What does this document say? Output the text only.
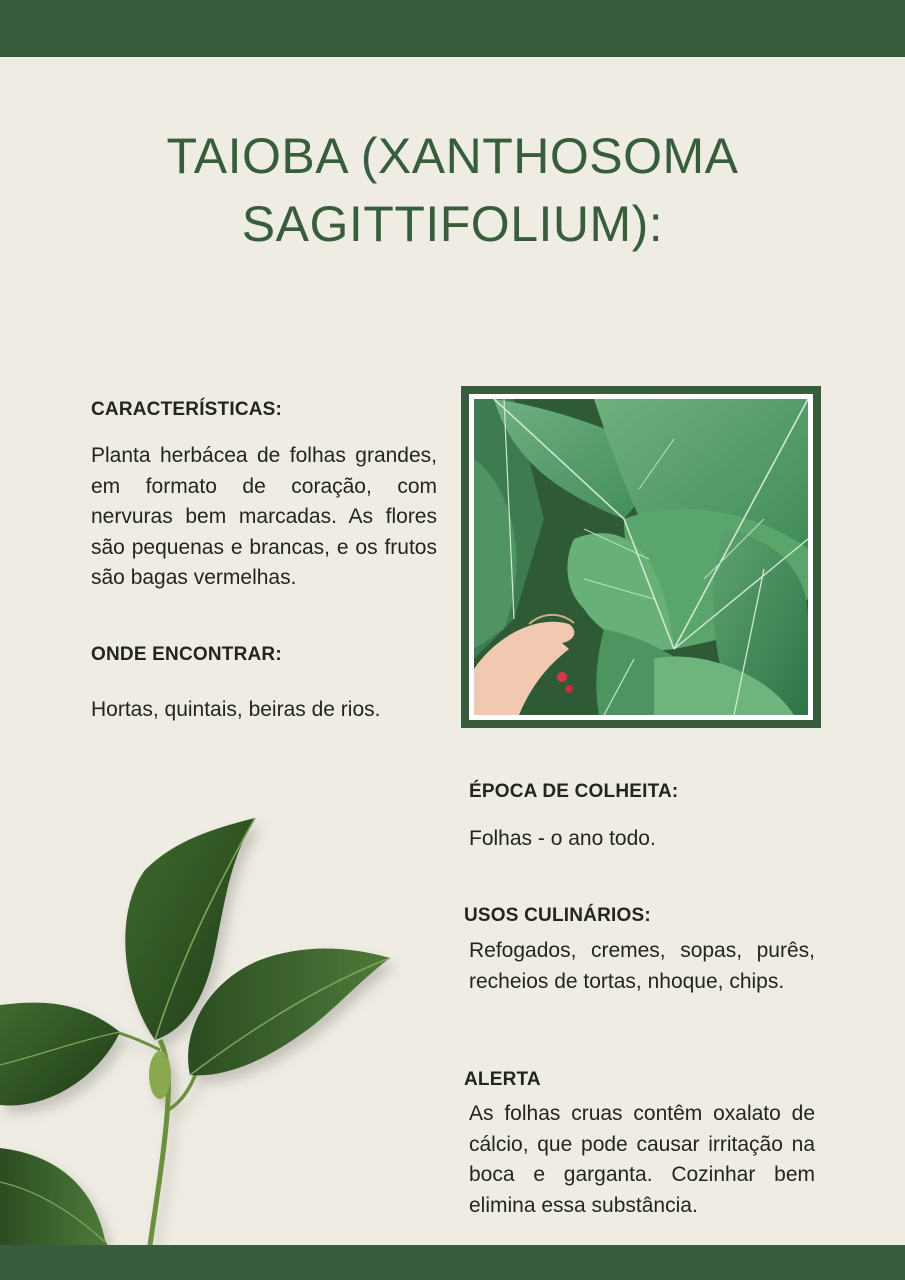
TAIOBA (XANTHOSOMA
SAGITTIFOLIUM):
CARACTERÍSTICAS:

Planta herbácea de folhas grandes, em formato de coração, com nervuras bem marcadas. As flores são pequenas e brancas, e os frutos são bagas vermelhas.

ONDE ENCONTRAR:

Hortas, quintais, beiras de rios.

ÉPOCA DE COLHEITA:

Folhas - o ano todo.

USOS CULINÁRIOS:

Refogados, cremes, sopas, purês, recheios de tortas, nhoque, chips.

ALERTA

As folhas cruas contêm oxalato de cálcio, que pode causar irritação na boca e garganta. Cozinhar bem elimina essa substância.
